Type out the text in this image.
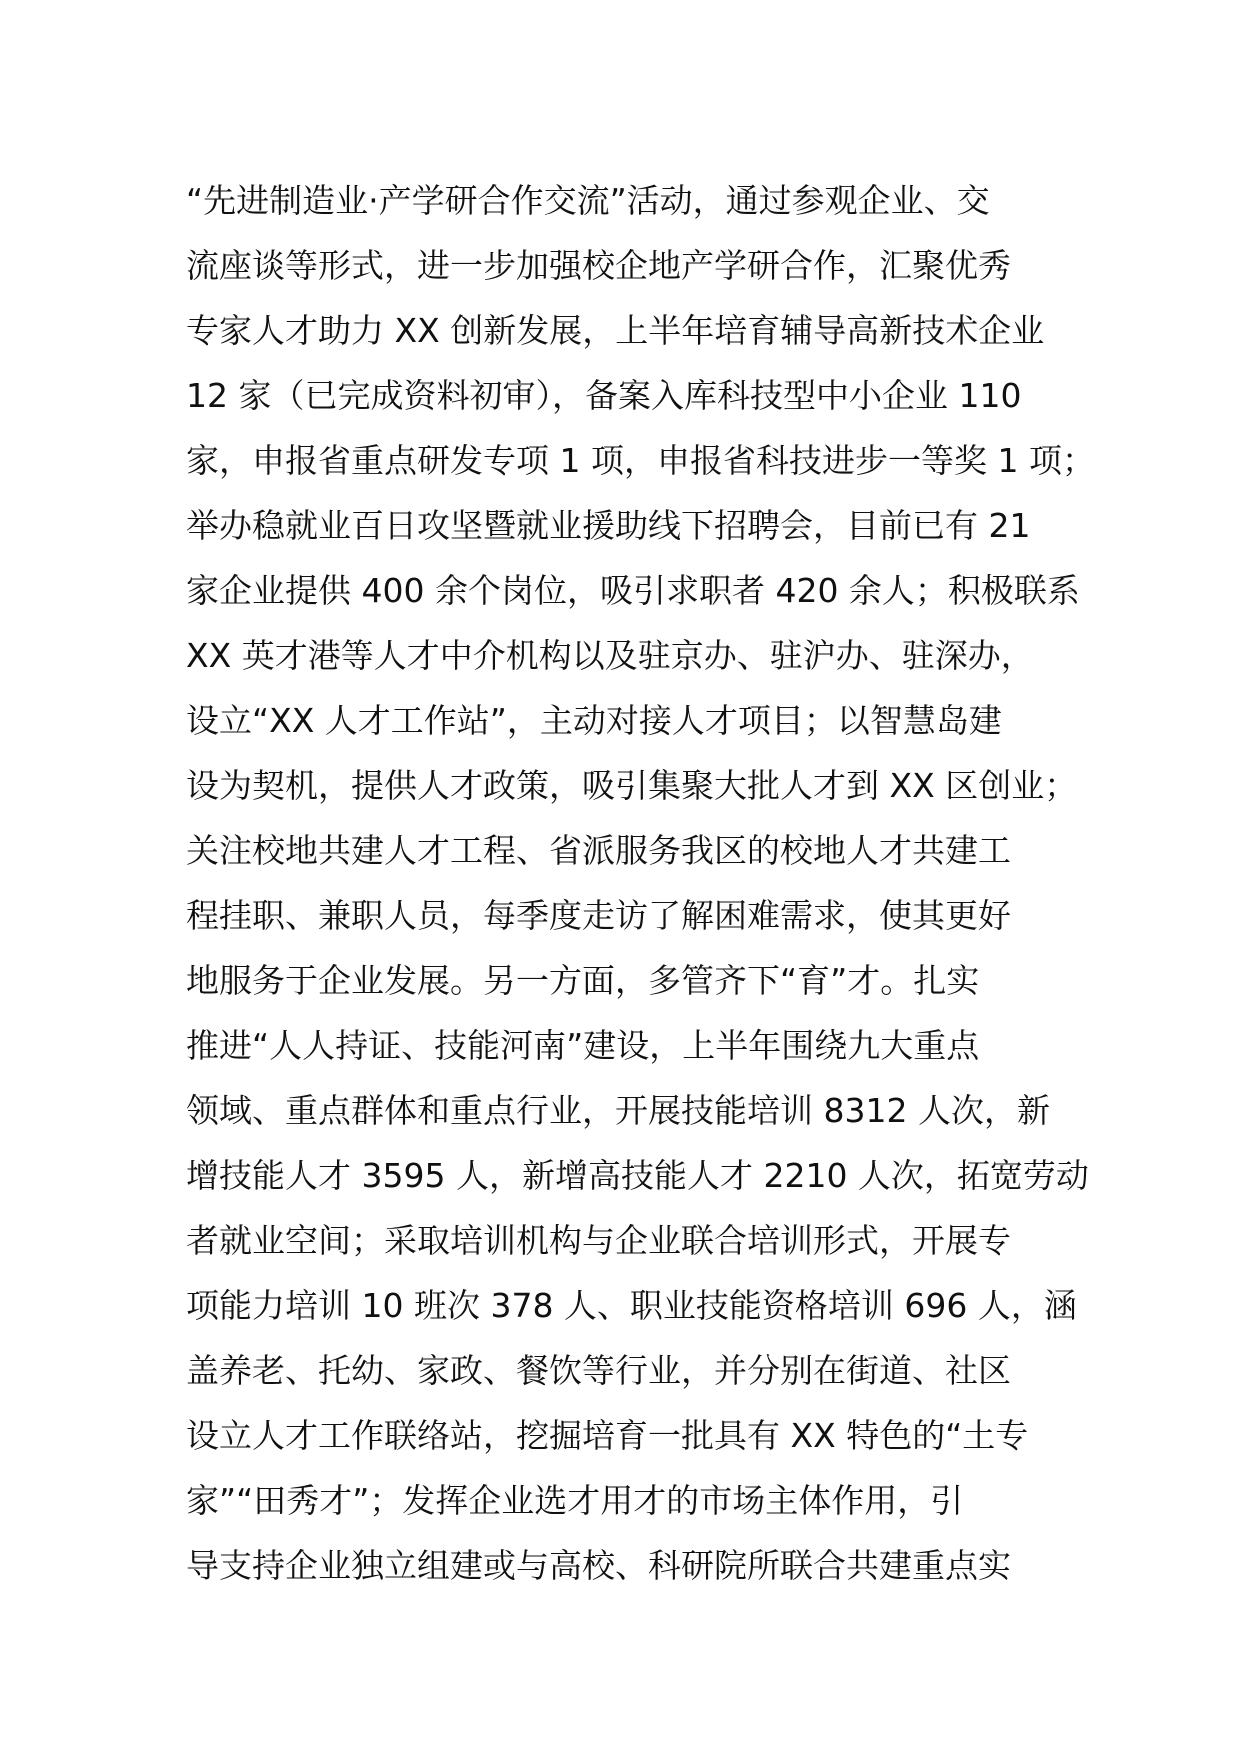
“先进制造业·产学研合作交流”活动，通过参观企业、交
流座谈等形式，进一步加强校企地产学研合作，汇聚优秀
专家人才助力 XX 创新发展，上半年培育辅导高新技术企业
12 家（已完成资料初审），备案入库科技型中小企业 110
家，申报省重点研发专项 1 项，申报省科技进步一等奖 1 项；
举办稳就业百日攻坚暨就业援助线下招聘会，目前已有 21
家企业提供 400 余个岗位，吸引求职者 420 余人；积极联系
XX 英才港等人才中介机构以及驻京办、驻沪办、驻深办，
设立“XX 人才工作站”，主动对接人才项目；以智慧岛建
设为契机，提供人才政策，吸引集聚大批人才到 XX 区创业；
关注校地共建人才工程、省派服务我区的校地人才共建工
程挂职、兼职人员，每季度走访了解困难需求，使其更好
地服务于企业发展。另一方面，多管齐下“育”才。扎实
推进“人人持证、技能河南”建设，上半年围绕九大重点
领域、重点群体和重点行业，开展技能培训 8312 人次，新
增技能人才 3595 人，新增高技能人才 2210 人次，拓宽劳动
者就业空间；采取培训机构与企业联合培训形式，开展专
项能力培训 10 班次 378 人、职业技能资格培训 696 人，涵
盖养老、托幼、家政、餐饮等行业，并分别在街道、社区
设立人才工作联络站，挖掘培育一批具有 XX 特色的“土专
家”“田秀才”；发挥企业选才用才的市场主体作用，引
导支持企业独立组建或与高校、科研院所联合共建重点实
